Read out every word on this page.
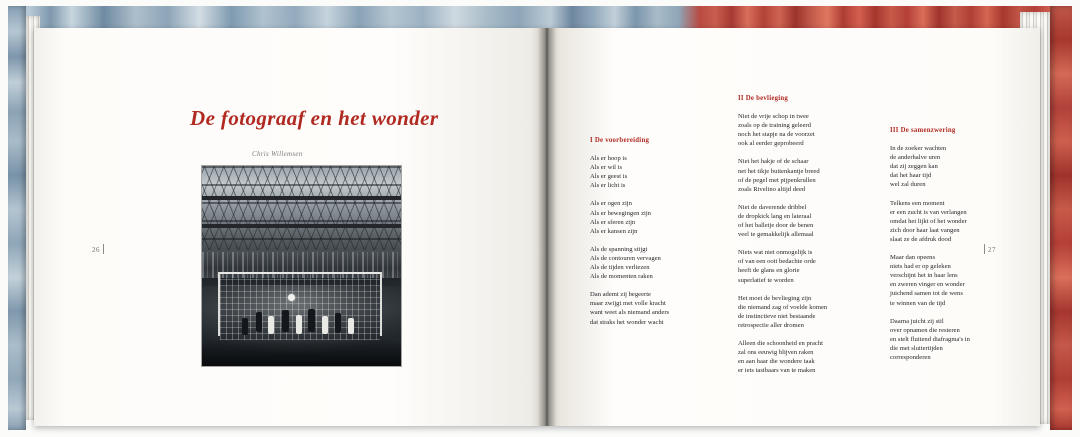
De fotograaf en het wonder
Chris Willemsen
26	27
I De voorbereiding
Als er hoop is
Als er wil is
Als er geest is
Als er licht is
Als er ogen zijn
Als er bewegingen zijn
Als er sferen zijn
Als er kansen zijn
Als de spanning stijgt
Als de contouren vervagen
Als de tijden verliezen
Als de momenten raken
Dan ademt zij begeerte
maar zwijgt met volle kracht
want weet als niemand anders
dat straks het wonder wacht
II De bevlieging
Niet de vrije schop in twee
zoals op de training geleerd
noch het stapje na de voorzet
ook al eerder geprobeerd
Niet het hakje of de schaar
net het tikje buitenkantje breed
of de pegel met pijpenkrullen
zoals Rivelino altijd deed
Niet de daverende dribbel
de dropkick lang en lateraal
of het balletje door de benen
veel te gemakkelijk allemaal
Niets wat niet onmogelijk is
of van een ooit bedachte orde
heeft de glans en glorie
superlatief te worden
Het moet de bevlieging zijn
die niemand zag of voelde komen
de instinctieve niet bestaande
retrospectie aller dromen
Alleen die schoonheid en pracht
zal ons eeuwig blijven raken
en aan haar die wondere taak
er iets tastbaars van te maken
III De samenzwering
In de zoeker wachten
de anderhalve uren
dat zij zeggen kan
dat het haar tijd
wel zal duren
Telkens een moment
er een zucht is van verlangen
omdat het lijkt of het wonder
zich door haar laat vangen
slaat ze de afdruk dood
Maar dan opeens
niets had er op geleken
verschijnt het in haar lens
en zweren vinger en wonder
juichend samen tot de wens
te winnen van de tijd
Daarna juicht zij stil
over opnamen die resteren
en stelt fluitend diafragma's in
die met sluitertijden
corresponderen
